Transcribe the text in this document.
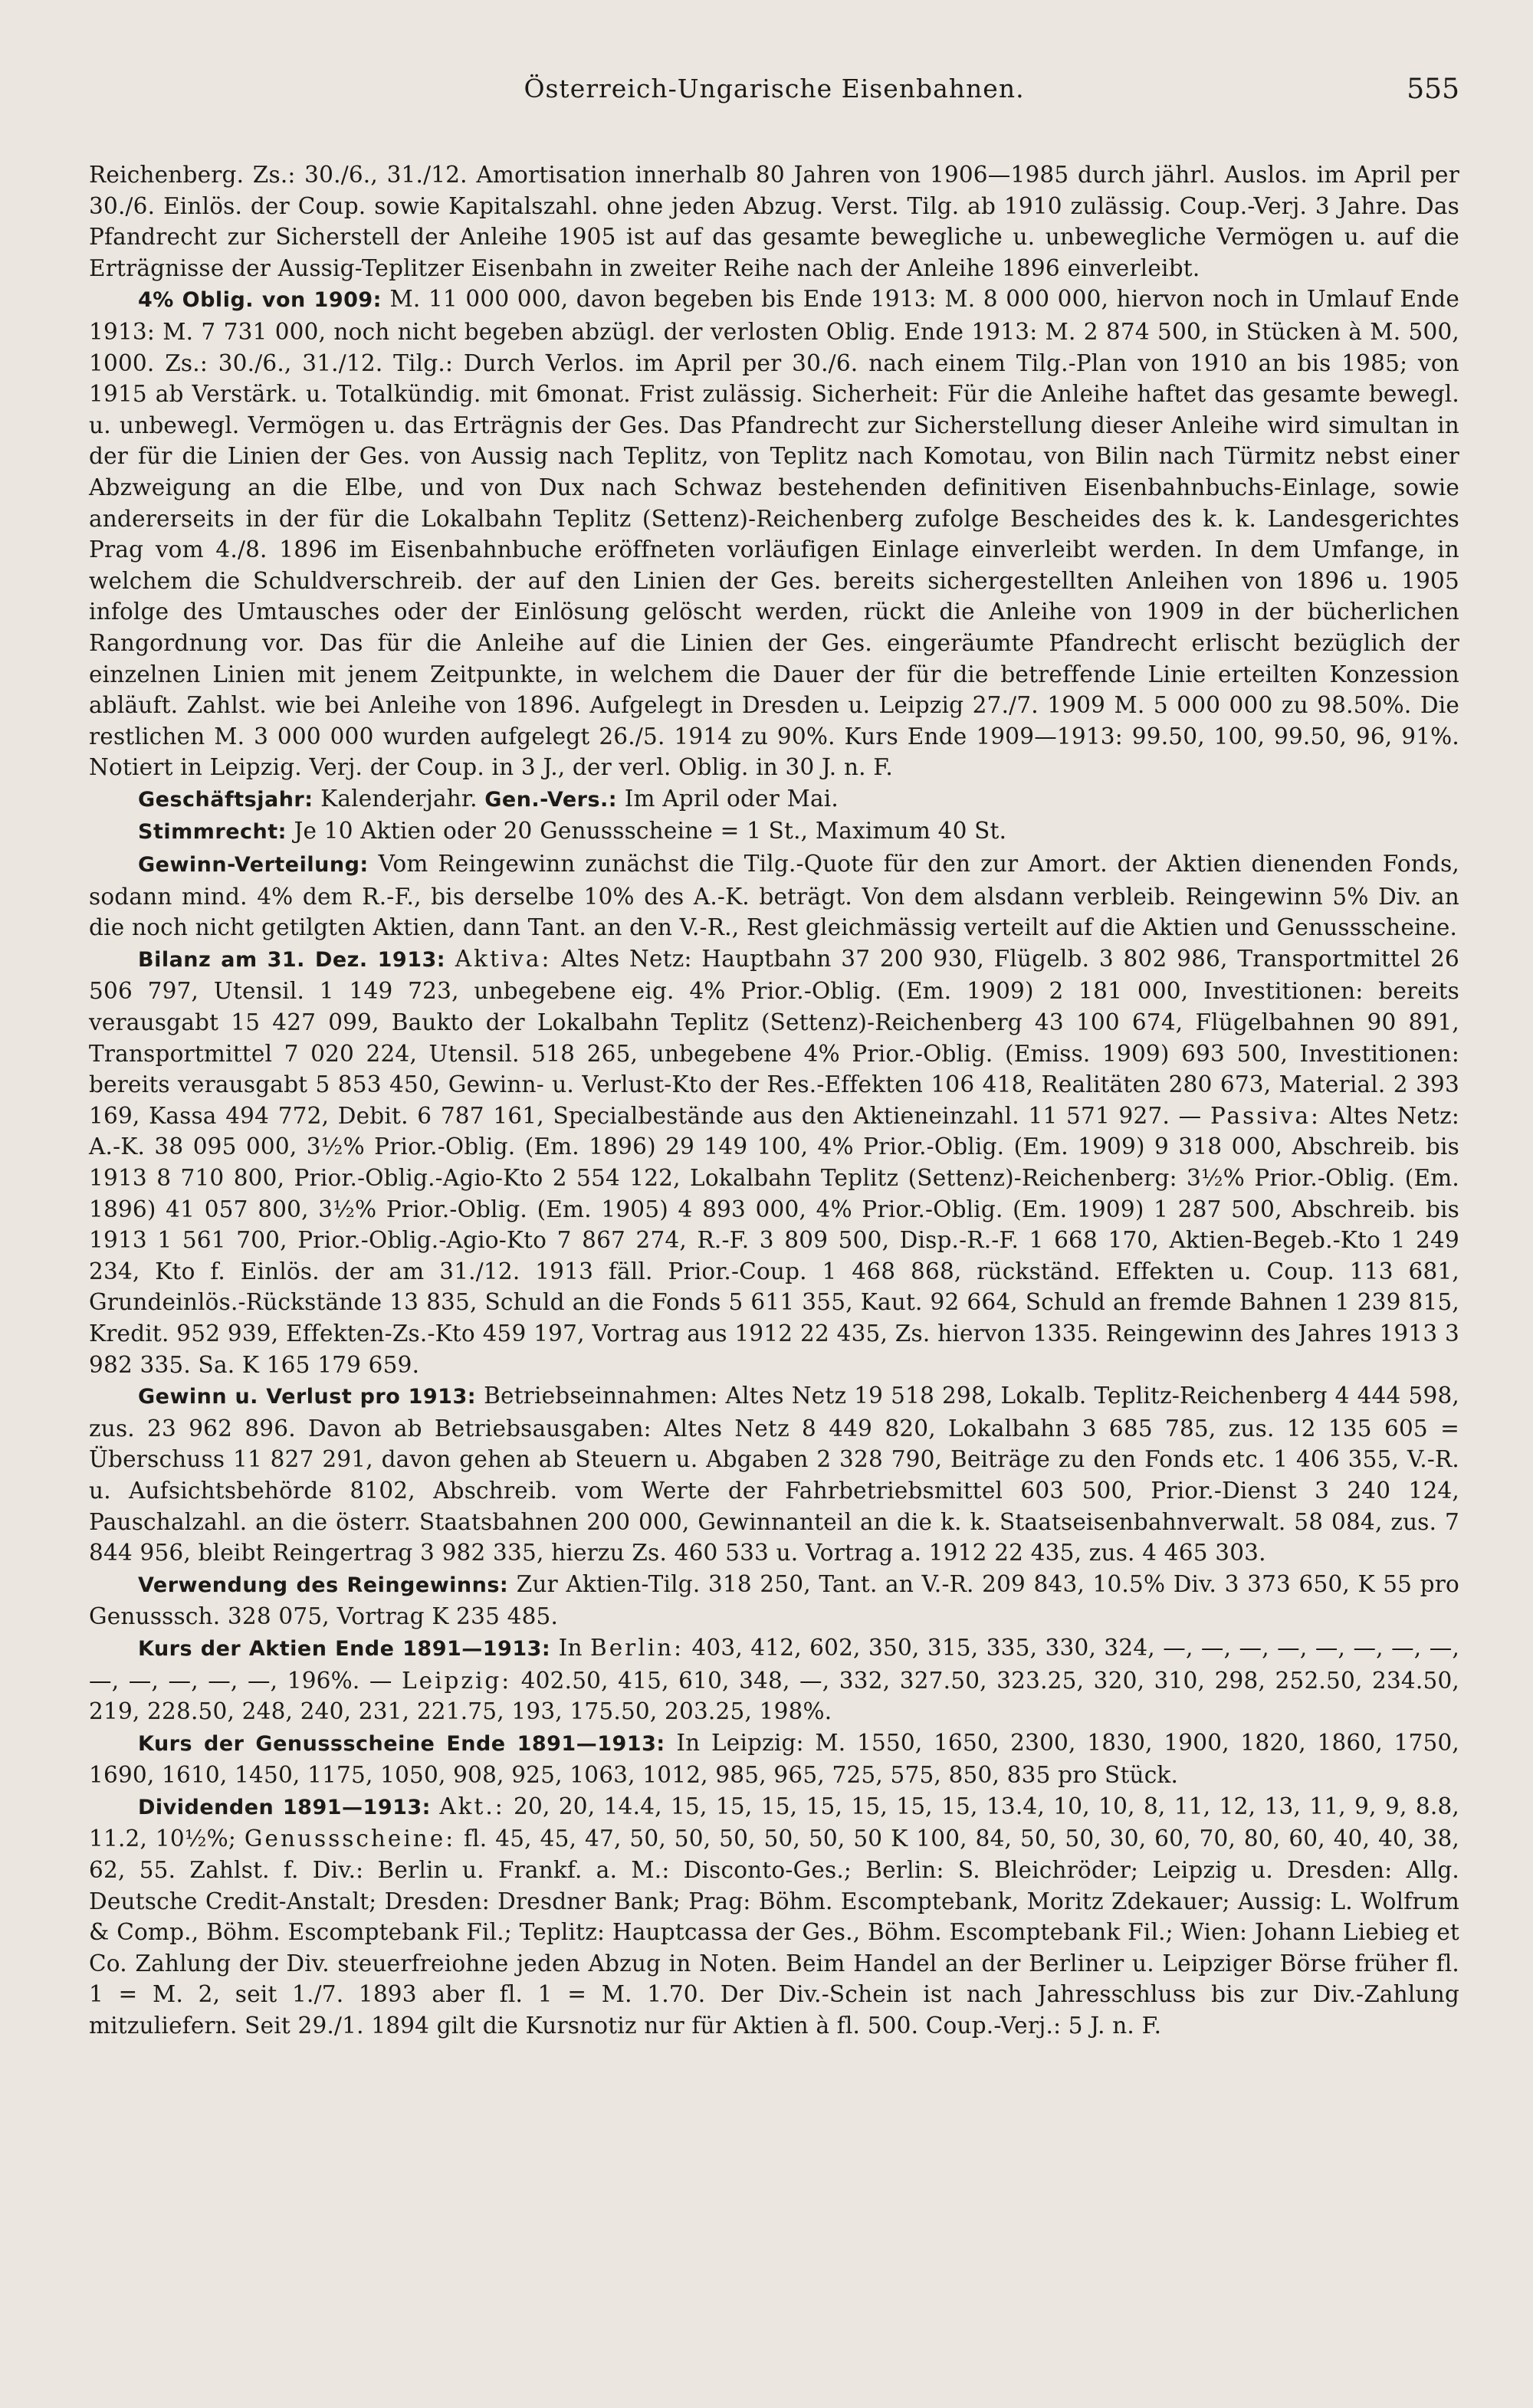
Österreich-Ungarische Eisenbahnen.	555

Reichenberg. Zs.: 30./6., 31./12. Amortisation innerhalb 80 Jahren von 1906—1985 durch jährl. Auslos. im April per 30./6. Einlös. der Coup. sowie Kapitalszahl. ohne jeden Abzug. Verst. Tilg. ab 1910 zulässig. Coup.-Verj. 3 Jahre. Das Pfandrecht zur Sicherstell der Anleihe 1905 ist auf das gesamte bewegliche u. unbewegliche Vermögen u. auf die Erträgnisse der Aussig-Teplitzer Eisenbahn in zweiter Reihe nach der Anleihe 1896 einverleibt.

4% Oblig. von 1909: M. 11 000 000, davon begeben bis Ende 1913: M. 8 000 000, hiervon noch in Umlauf Ende 1913: M. 7 731 000, noch nicht begeben abzügl. der verlosten Oblig. Ende 1913: M. 2 874 500, in Stücken à M. 500, 1000. Zs.: 30./6., 31./12. Tilg.: Durch Verlos. im April per 30./6. nach einem Tilg.-Plan von 1910 an bis 1985; von 1915 ab Verstärk. u. Totalkündig. mit 6monat. Frist zulässig. Sicherheit: Für die Anleihe haftet das gesamte bewegl. u. unbewegl. Vermögen u. das Erträgnis der Ges. Das Pfandrecht zur Sicherstellung dieser Anleihe wird simultan in der für die Linien der Ges. von Aussig nach Teplitz, von Teplitz nach Komotau, von Bilin nach Türmitz nebst einer Abzweigung an die Elbe, und von Dux nach Schwaz bestehenden definitiven Eisenbahnbuchs-Einlage, sowie andererseits in der für die Lokalbahn Teplitz (Settenz)-Reichenberg zufolge Bescheides des k. k. Landesgerichtes Prag vom 4./8. 1896 im Eisenbahnbuche eröffneten vorläufigen Einlage einverleibt werden. In dem Umfange, in welchem die Schuldverschreib. der auf den Linien der Ges. bereits sichergestellten Anleihen von 1896 u. 1905 infolge des Umtausches oder der Einlösung gelöscht werden, rückt die Anleihe von 1909 in der bücherlichen Rangordnung vor. Das für die Anleihe auf die Linien der Ges. eingeräumte Pfandrecht erlischt bezüglich der einzelnen Linien mit jenem Zeitpunkte, in welchem die Dauer der für die betreffende Linie erteilten Konzession abläuft. Zahlst. wie bei Anleihe von 1896. Aufgelegt in Dresden u. Leipzig 27./7. 1909 M. 5 000 000 zu 98.50%. Die restlichen M. 3 000 000 wurden aufgelegt 26./5. 1914 zu 90%. Kurs Ende 1909—1913: 99.50, 100, 99.50, 96, 91%. Notiert in Leipzig. Verj. der Coup. in 3 J., der verl. Oblig. in 30 J. n. F.

Geschäftsjahr: Kalenderjahr. Gen.-Vers.: Im April oder Mai.

Stimmrecht: Je 10 Aktien oder 20 Genussscheine = 1 St., Maximum 40 St.

Gewinn-Verteilung: Vom Reingewinn zunächst die Tilg.-Quote für den zur Amort. der Aktien dienenden Fonds, sodann mind. 4% dem R.-F., bis derselbe 10% des A.-K. beträgt. Von dem alsdann verbleib. Reingewinn 5% Div. an die noch nicht getilgten Aktien, dann Tant. an den V.-R., Rest gleichmässig verteilt auf die Aktien und Genussscheine.

Bilanz am 31. Dez. 1913: Aktiva: Altes Netz: Hauptbahn 37 200 930, Flügelb. 3 802 986, Transportmittel 26 506 797, Utensil. 1 149 723, unbegebene eig. 4% Prior.-Oblig. (Em. 1909) 2 181 000, Investitionen: bereits verausgabt 15 427 099, Baukto der Lokalbahn Teplitz (Settenz)-Reichenberg 43 100 674, Flügelbahnen 90 891, Transportmittel 7 020 224, Utensil. 518 265, unbegebene 4% Prior.-Oblig. (Emiss. 1909) 693 500, Investitionen: bereits verausgabt 5 853 450, Gewinn- u. Verlust-Kto der Res.-Effekten 106 418, Realitäten 280 673, Material. 2 393 169, Kassa 494 772, Debit. 6 787 161, Specialbestände aus den Aktieneinzahl. 11 571 927. — Passiva: Altes Netz: A.-K. 38 095 000, 3½% Prior.-Oblig. (Em. 1896) 29 149 100, 4% Prior.-Oblig. (Em. 1909) 9 318 000, Abschreib. bis 1913 8 710 800, Prior.-Oblig.-Agio-Kto 2 554 122, Lokalbahn Teplitz (Settenz)-Reichenberg: 3½% Prior.-Oblig. (Em. 1896) 41 057 800, 3½% Prior.-Oblig. (Em. 1905) 4 893 000, 4% Prior.-Oblig. (Em. 1909) 1 287 500, Abschreib. bis 1913 1 561 700, Prior.-Oblig.-Agio-Kto 7 867 274, R.-F. 3 809 500, Disp.-R.-F. 1 668 170, Aktien-Begeb.-Kto 1 249 234, Kto f. Einlös. der am 31./12. 1913 fäll. Prior.-Coup. 1 468 868, rückständ. Effekten u. Coup. 113 681, Grundeinlös.-Rückstände 13 835, Schuld an die Fonds 5 611 355, Kaut. 92 664, Schuld an fremde Bahnen 1 239 815, Kredit. 952 939, Effekten-Zs.-Kto 459 197, Vortrag aus 1912 22 435, Zs. hiervon 1335. Reingewinn des Jahres 1913 3 982 335. Sa. K 165 179 659.

Gewinn u. Verlust pro 1913: Betriebseinnahmen: Altes Netz 19 518 298, Lokalb. Teplitz-Reichenberg 4 444 598, zus. 23 962 896. Davon ab Betriebsausgaben: Altes Netz 8 449 820, Lokalbahn 3 685 785, zus. 12 135 605 = Überschuss 11 827 291, davon gehen ab Steuern u. Abgaben 2 328 790, Beiträge zu den Fonds etc. 1 406 355, V.-R. u. Aufsichtsbehörde 8102, Abschreib. vom Werte der Fahrbetriebsmittel 603 500, Prior.-Dienst 3 240 124, Pauschalzahl. an die österr. Staatsbahnen 200 000, Gewinnanteil an die k. k. Staatseisenbahnverwalt. 58 084, zus. 7 844 956, bleibt Reingertrag 3 982 335, hierzu Zs. 460 533 u. Vortrag a. 1912 22 435, zus. 4 465 303.

Verwendung des Reingewinns: Zur Aktien-Tilg. 318 250, Tant. an V.-R. 209 843, 10.5% Div. 3 373 650, K 55 pro Genusssch. 328 075, Vortrag K 235 485.

Kurs der Aktien Ende 1891—1913: In Berlin: 403, 412, 602, 350, 315, 335, 330, 324, —, —, —, —, —, —, —, —, —, —, —, —, —, 196%. — Leipzig: 402.50, 415, 610, 348, —, 332, 327.50, 323.25, 320, 310, 298, 252.50, 234.50, 219, 228.50, 248, 240, 231, 221.75, 193, 175.50, 203.25, 198%.

Kurs der Genussscheine Ende 1891—1913: In Leipzig: M. 1550, 1650, 2300, 1830, 1900, 1820, 1860, 1750, 1690, 1610, 1450, 1175, 1050, 908, 925, 1063, 1012, 985, 965, 725, 575, 850, 835 pro Stück.

Dividenden 1891—1913: Akt.: 20, 20, 14.4, 15, 15, 15, 15, 15, 15, 15, 13.4, 10, 10, 8, 11, 12, 13, 11, 9, 9, 8.8, 11.2, 10½%; Genussscheine: fl. 45, 45, 47, 50, 50, 50, 50, 50, 50 K 100, 84, 50, 50, 30, 60, 70, 80, 60, 40, 40, 38, 62, 55. Zahlst. f. Div.: Berlin u. Frankf. a. M.: Disconto-Ges.; Berlin: S. Bleichröder; Leipzig u. Dresden: Allg. Deutsche Credit-Anstalt; Dresden: Dresdner Bank; Prag: Böhm. Escomptebank, Moritz Zdekauer; Aussig: L. Wolfrum & Comp., Böhm. Escomptebank Fil.; Teplitz: Hauptcassa der Ges., Böhm. Escomptebank Fil.; Wien: Johann Liebieg et Co. Zahlung der Div. steuerfreiohne jeden Abzug in Noten. Beim Handel an der Berliner u. Leipziger Börse früher fl. 1 = M. 2, seit 1./7. 1893 aber fl. 1 = M. 1.70. Der Div.-Schein ist nach Jahresschluss bis zur Div.-Zahlung mitzuliefern. Seit 29./1. 1894 gilt die Kursnotiz nur für Aktien à fl. 500. Coup.-Verj.: 5 J. n. F.
